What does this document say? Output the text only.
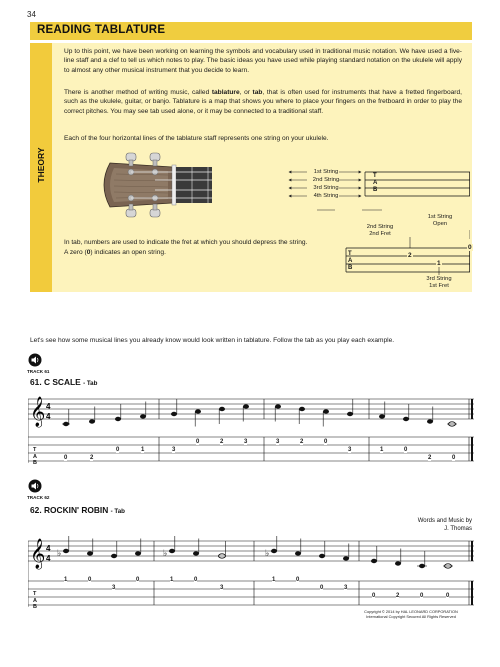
34
READING TABLATURE
THEORY
Up to this point, we have been working on learning the symbols and vocabulary used in traditional music notation. We have used a five-line staff and a clef to tell us which notes to play. The basic ideas you have used while playing standard notation on the ukulele will apply to almost any other musical instrument that you decide to learn.
There is another method of writing music, called tablature, or tab, that is often used for instruments that have a fretted fingerboard, such as the ukulele, guitar, or banjo. Tablature is a map that shows you where to place your fingers on the fretboard in order to play the correct pitches. You may see tab used alone, or it may be connected to a traditional staff.
Each of the four horizontal lines of the tablature staff represents one string on your ukulele.
1st String
2nd String
3rd String
4th String
T
A
B
1st String
Open
2nd String
2nd Fret
In tab, numbers are used to indicate the fret at which you should depress the string.
A zero (0) indicates an open string.	T
A
B
2
0
1
3rd String
1st Fret
Let's see how some musical lines you already know would look written in tablature. Follow the tab as you play each example.
TRACK 61
61. C SCALE - Tab
𝄞 4
4
T
A
B
0	2
0	1	3
0	2	3	3	2	0
3	1	0
2	0
TRACK 62
62. ROCKIN' ROBIN - Tab
Words and Music by
J. Thomas
𝄞 4
4
♭	♭	♭
T
A
B
1	0
3
0	1	0
3
1	0
0	3
0	2	0	0
Copyright © 2014 by HAL LEONARD CORPORATION
International Copyright Secured All Rights Reserved
